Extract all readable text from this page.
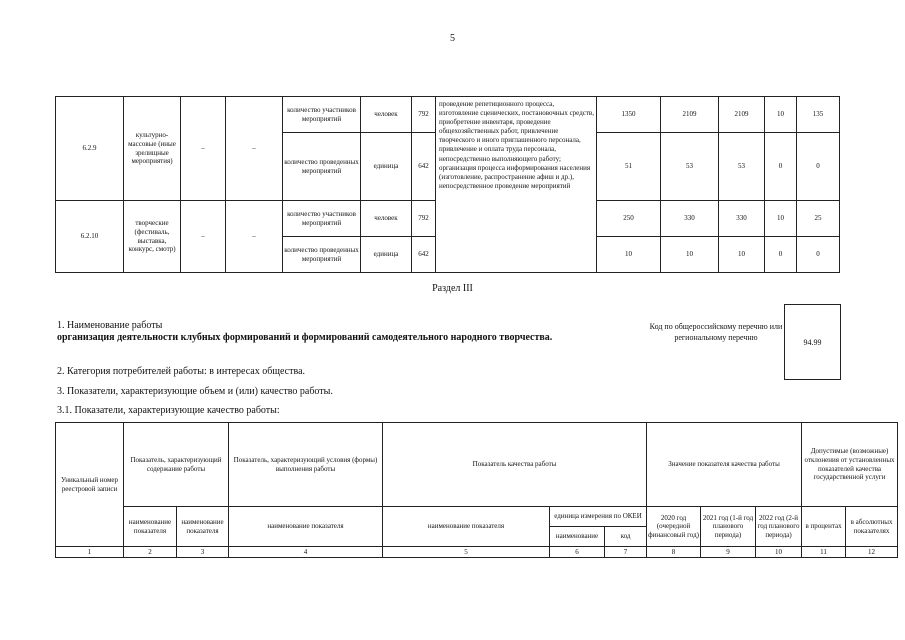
5
6.2.9	культурно-массовые (иные зрелищные мероприятия)	–	–	количество участников мероприятий	человек	792	проведение репетиционного процесса, изготовление сценических, постановочных средств, приобретение инвентаря, проведение общехозяйственных работ, привлечение творческого и иного приглашенного персонала, привлечение и оплата труда персонала, непосредственно выполняющего работу; организация процесса информирования населения (изготовление, распространение афиш и др.), непосредственное проведение мероприятий	1350	2109	2109	10	135
				количество проведенных мероприятий	единица	642		51	53	53	0	0
6.2.10	творческие (фестиваль, выставка, конкурс, смотр)	–	–	количество участников мероприятий	человек	792		250	330	330	10	25
				количество проведенных мероприятий	единица	642		10	10	10	0	0
Раздел III
1. Наименование работы
организация деятельности клубных формирований и формирований самодеятельного народного творчества.
2. Категория потребителей работы: в интересах общества.
3. Показатели, характеризующие объем и (или) качество работы.
3.1. Показатели, характеризующие качество работы:
Код по общероссийскому перечню или региональному перечню	94.99
Уникальный номер реестровой записи	Показатель, характеризующий содержание работы		Показатель, характеризующий условия (формы) выполнения работы	Показатель качества работы			Значение показателя качества работы			Допустимые (возможные) отклонения от установленных показателей качества государственной услуги	
	наименование показателя	наименование показателя	наименование показателя	наименование показателя	единица измерения по ОКЕИ		2020 год (очередной финансовый год)	2021 год (1-й год планового периода)	2022 год (2-й год планового периода)	в процентах	в абсолютных показателях
					наименование	код					
1	2	3	4	5	6	7	8	9	10	11	12
